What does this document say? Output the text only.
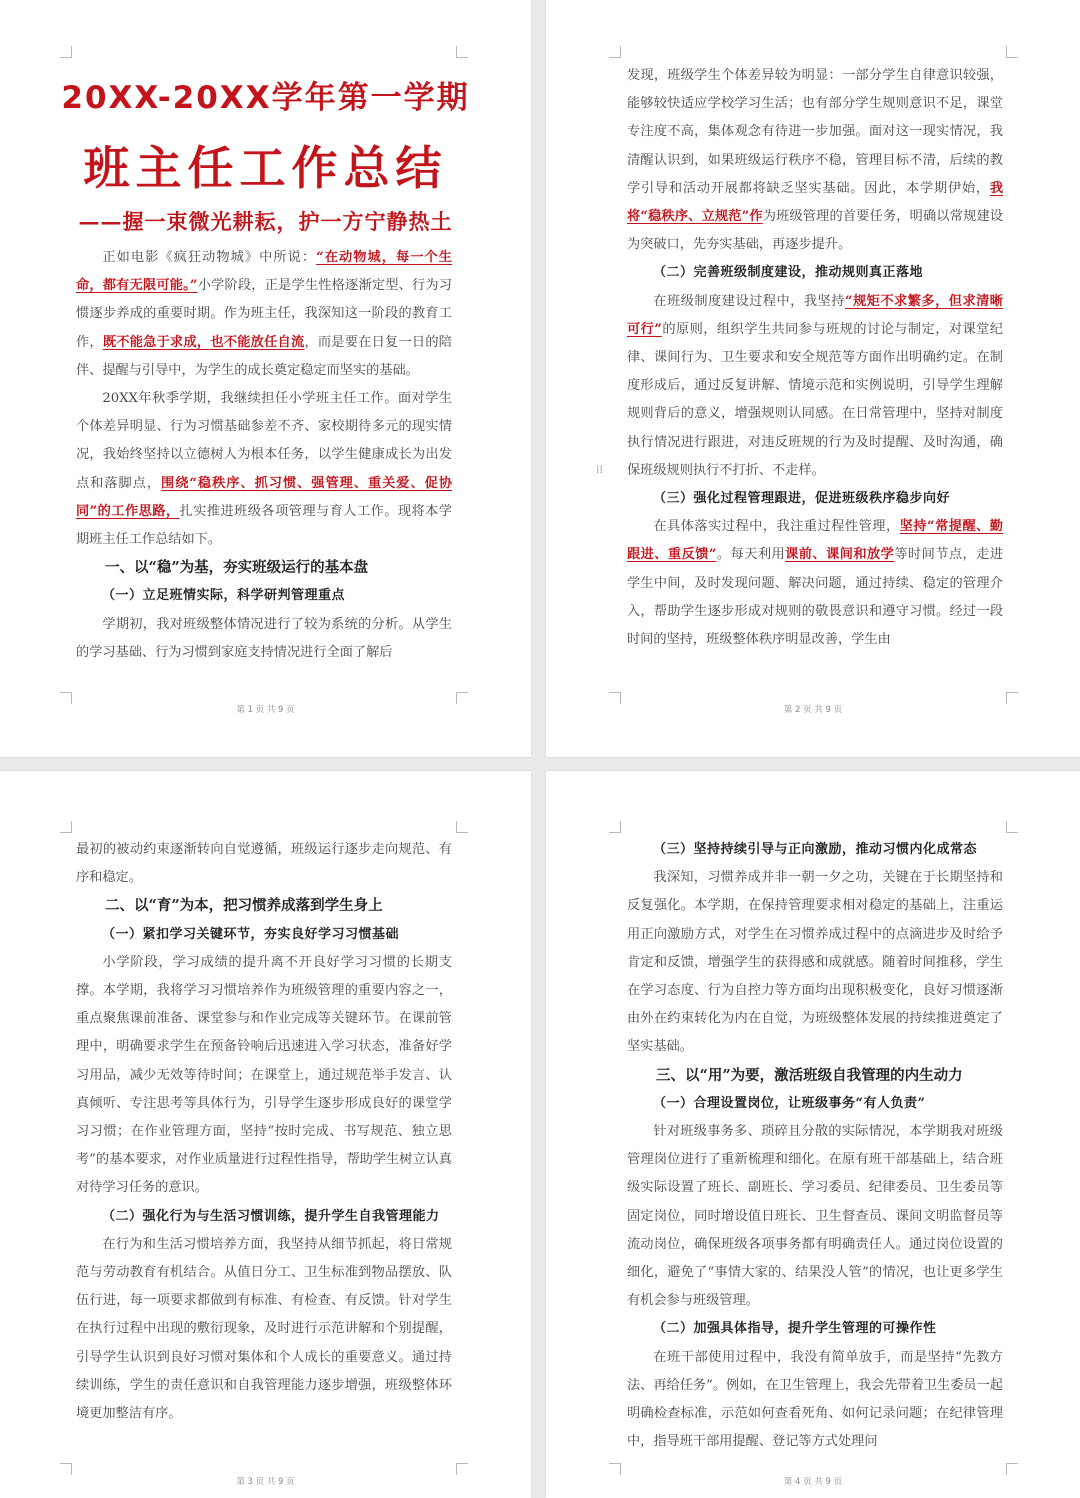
20XX-20XX学年第一学期
班主任工作总结
——握一束微光耕耘，护一方宁静热土

正如电影《疯狂动物城》中所说：“在动物城，每一个生命，都有无限可能。”小学阶段，正是学生性格逐渐定型、行为习惯逐步养成的重要时期。作为班主任，我深知这一阶段的教育工作，既不能急于求成，也不能放任自流，而是要在日复一日的陪伴、提醒与引导中，为学生的成长奠定稳定而坚实的基础。

20XX年秋季学期，我继续担任小学班主任工作。面对学生个体差异明显、行为习惯基础参差不齐、家校期待多元的现实情况，我始终坚持以立德树人为根本任务，以学生健康成长为出发点和落脚点，围绕“稳秩序、抓习惯、强管理、重关爱、促协同”的工作思路，扎实推进班级各项管理与育人工作。现将本学期班主任工作总结如下。

一、以“稳”为基，夯实班级运行的基本盘

（一）立足班情实际，科学研判管理重点

学期初，我对班级整体情况进行了较为系统的分析。从学生的学习基础、行为习惯到家庭支持情况进行全面了解后

第 1 页 共 9 页

发现，班级学生个体差异较为明显：一部分学生自律意识较强，能够较快适应学校学习生活；也有部分学生规则意识不足，课堂专注度不高，集体观念有待进一步加强。面对这一现实情况，我清醒认识到，如果班级运行秩序不稳，管理目标不清，后续的教学引导和活动开展都将缺乏坚实基础。因此，本学期伊始，我将“稳秩序、立规范”作为班级管理的首要任务，明确以常规建设为突破口，先夯实基础，再逐步提升。

（二）完善班级制度建设，推动规则真正落地

在班级制度建设过程中，我坚持“规矩不求繁多，但求清晰可行”的原则，组织学生共同参与班规的讨论与制定，对课堂纪律、课间行为、卫生要求和安全规范等方面作出明确约定。在制度形成后，通过反复讲解、情境示范和实例说明，引导学生理解规则背后的意义，增强规则认同感。在日常管理中，坚持对制度执行情况进行跟进，对违反班规的行为及时提醒、及时沟通，确保班级规则执行不打折、不走样。

（三）强化过程管理跟进，促进班级秩序稳步向好

在具体落实过程中，我注重过程性管理，坚持“常提醒、勤跟进、重反馈”。每天利用课前、课间和放学等时间节点，走进学生中间，及时发现问题、解决问题，通过持续、稳定的管理介入，帮助学生逐步形成对规则的敬畏意识和遵守习惯。经过一段时间的坚持，班级整体秩序明显改善，学生由

第 2 页 共 9 页
⁞⁞

最初的被动约束逐渐转向自觉遵循，班级运行逐步走向规范、有序和稳定。

二、以“育”为本，把习惯养成落到学生身上

（一）紧扣学习关键环节，夯实良好学习习惯基础

小学阶段，学习成绩的提升离不开良好学习习惯的长期支撑。本学期，我将学习习惯培养作为班级管理的重要内容之一，重点聚焦课前准备、课堂参与和作业完成等关键环节。在课前管理中，明确要求学生在预备铃响后迅速进入学习状态，准备好学习用品，减少无效等待时间；在课堂上，通过规范举手发言、认真倾听、专注思考等具体行为，引导学生逐步形成良好的课堂学习习惯；在作业管理方面，坚持“按时完成、书写规范、独立思考”的基本要求，对作业质量进行过程性指导，帮助学生树立认真对待学习任务的意识。

（二）强化行为与生活习惯训练，提升学生自我管理能力

在行为和生活习惯培养方面，我坚持从细节抓起，将日常规范与劳动教育有机结合。从值日分工、卫生标准到物品摆放、队伍行进，每一项要求都做到有标准、有检查、有反馈。针对学生在执行过程中出现的敷衍现象，及时进行示范讲解和个别提醒，引导学生认识到良好习惯对集体和个人成长的重要意义。通过持续训练，学生的责任意识和自我管理能力逐步增强，班级整体环境更加整洁有序。

第 3 页 共 9 页

（三）坚持持续引导与正向激励，推动习惯内化成常态

我深知，习惯养成并非一朝一夕之功，关键在于长期坚持和反复强化。本学期，在保持管理要求相对稳定的基础上，注重运用正向激励方式，对学生在习惯养成过程中的点滴进步及时给予肯定和反馈，增强学生的获得感和成就感。随着时间推移，学生在学习态度、行为自控力等方面均出现积极变化，良好习惯逐渐由外在约束转化为内在自觉，为班级整体发展的持续推进奠定了坚实基础。

三、以“用”为要，激活班级自我管理的内生动力

（一）合理设置岗位，让班级事务“有人负责”

针对班级事务多、琐碎且分散的实际情况，本学期我对班级管理岗位进行了重新梳理和细化。在原有班干部基础上，结合班级实际设置了班长、副班长、学习委员、纪律委员、卫生委员等固定岗位，同时增设值日班长、卫生督查员、课间文明监督员等流动岗位，确保班级各项事务都有明确责任人。通过岗位设置的细化，避免了“事情大家的、结果没人管”的情况，也让更多学生有机会参与班级管理。

（二）加强具体指导，提升学生管理的可操作性

在班干部使用过程中，我没有简单放手，而是坚持“先教方法、再给任务”。例如，在卫生管理上，我会先带着卫生委员一起明确检查标准，示范如何查看死角、如何记录问题；在纪律管理中，指导班干部用提醒、登记等方式处理问

第 4 页 共 9 页
